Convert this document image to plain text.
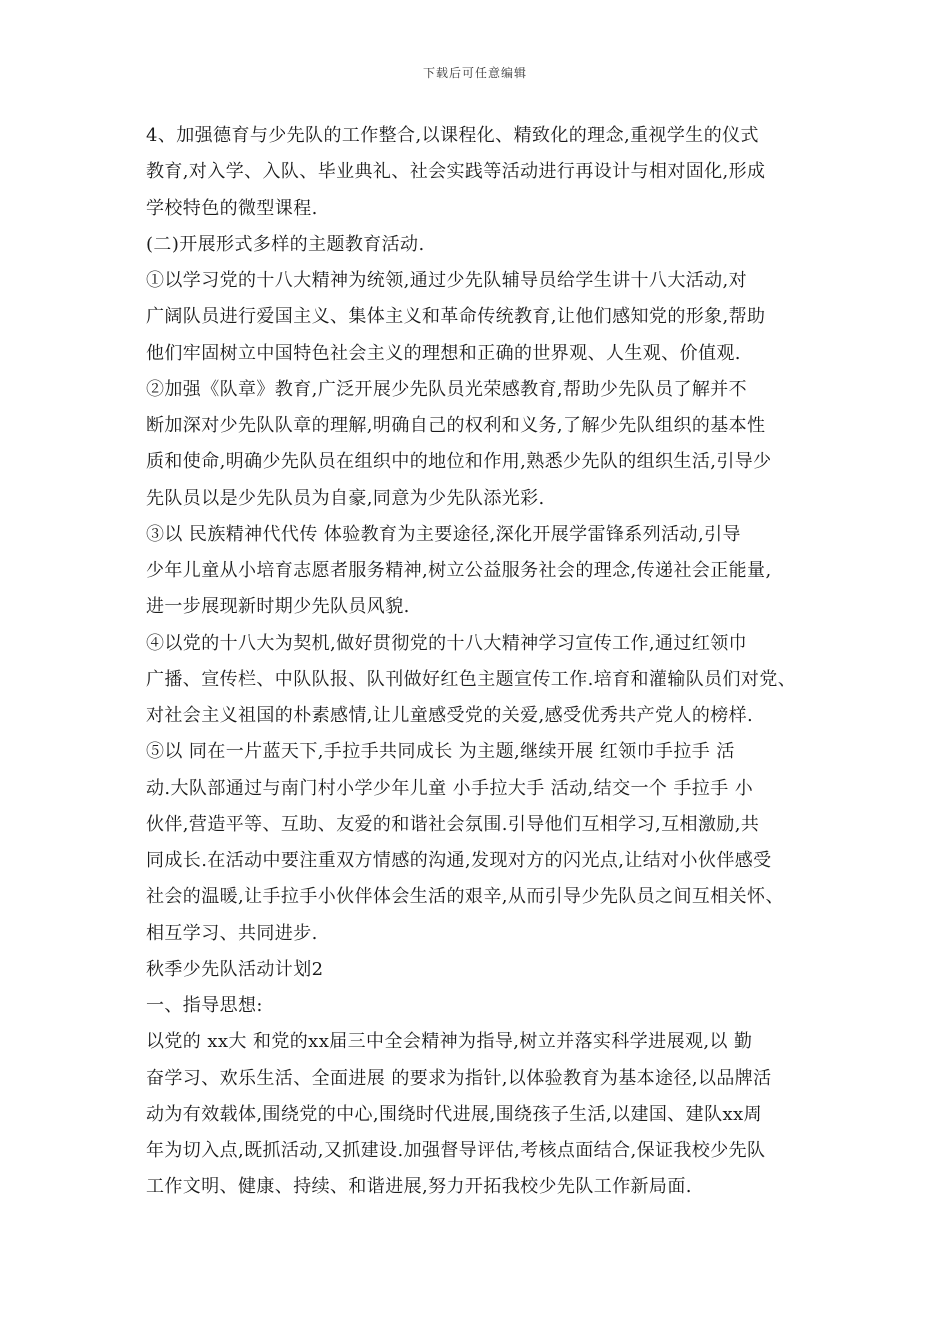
下载后可任意编辑
4、加强德育与少先队的工作整合,以课程化、精致化的理念,重视学生的仪式
教育,对入学、入队、毕业典礼、社会实践等活动进行再设计与相对固化,形成
学校特色的微型课程.
(二)开展形式多样的主题教育活动.
①以学习党的十八大精神为统领,通过少先队辅导员给学生讲十八大活动,对
广阔队员进行爱国主义、集体主义和革命传统教育,让他们感知党的形象,帮助
他们牢固树立中国特色社会主义的理想和正确的世界观、人生观、价值观.
②加强《队章》教育,广泛开展少先队员光荣感教育,帮助少先队员了解并不
断加深对少先队队章的理解,明确自己的权利和义务,了解少先队组织的基本性
质和使命,明确少先队员在组织中的地位和作用,熟悉少先队的组织生活,引导少
先队员以是少先队员为自豪,同意为少先队添光彩.
③以 民族精神代代传 体验教育为主要途径,深化开展学雷锋系列活动,引导
少年儿童从小培育志愿者服务精神,树立公益服务社会的理念,传递社会正能量,
进一步展现新时期少先队员风貌.
④以党的十八大为契机,做好贯彻党的十八大精神学习宣传工作,通过红领巾
广播、宣传栏、中队队报、队刊做好红色主题宣传工作.培育和灌输队员们对党、
对社会主义祖国的朴素感情,让儿童感受党的关爱,感受优秀共产党人的榜样.
⑤以 同在一片蓝天下,手拉手共同成长 为主题,继续开展 红领巾手拉手 活
动.大队部通过与南门村小学少年儿童 小手拉大手 活动,结交一个 手拉手 小
伙伴,营造平等、互助、友爱的和谐社会氛围.引导他们互相学习,互相激励,共
同成长.在活动中要注重双方情感的沟通,发现对方的闪光点,让结对小伙伴感受
社会的温暖,让手拉手小伙伴体会生活的艰辛,从而引导少先队员之间互相关怀、
相互学习、共同进步.
秋季少先队活动计划2
一、指导思想:
以党的 xx大 和党的xx届三中全会精神为指导,树立并落实科学进展观,以 勤
奋学习、欢乐生活、全面进展 的要求为指针,以体验教育为基本途径,以品牌活
动为有效载体,围绕党的中心,围绕时代进展,围绕孩子生活,以建国、建队xx周
年为切入点,既抓活动,又抓建设.加强督导评估,考核点面结合,保证我校少先队
工作文明、健康、持续、和谐进展,努力开拓我校少先队工作新局面.
